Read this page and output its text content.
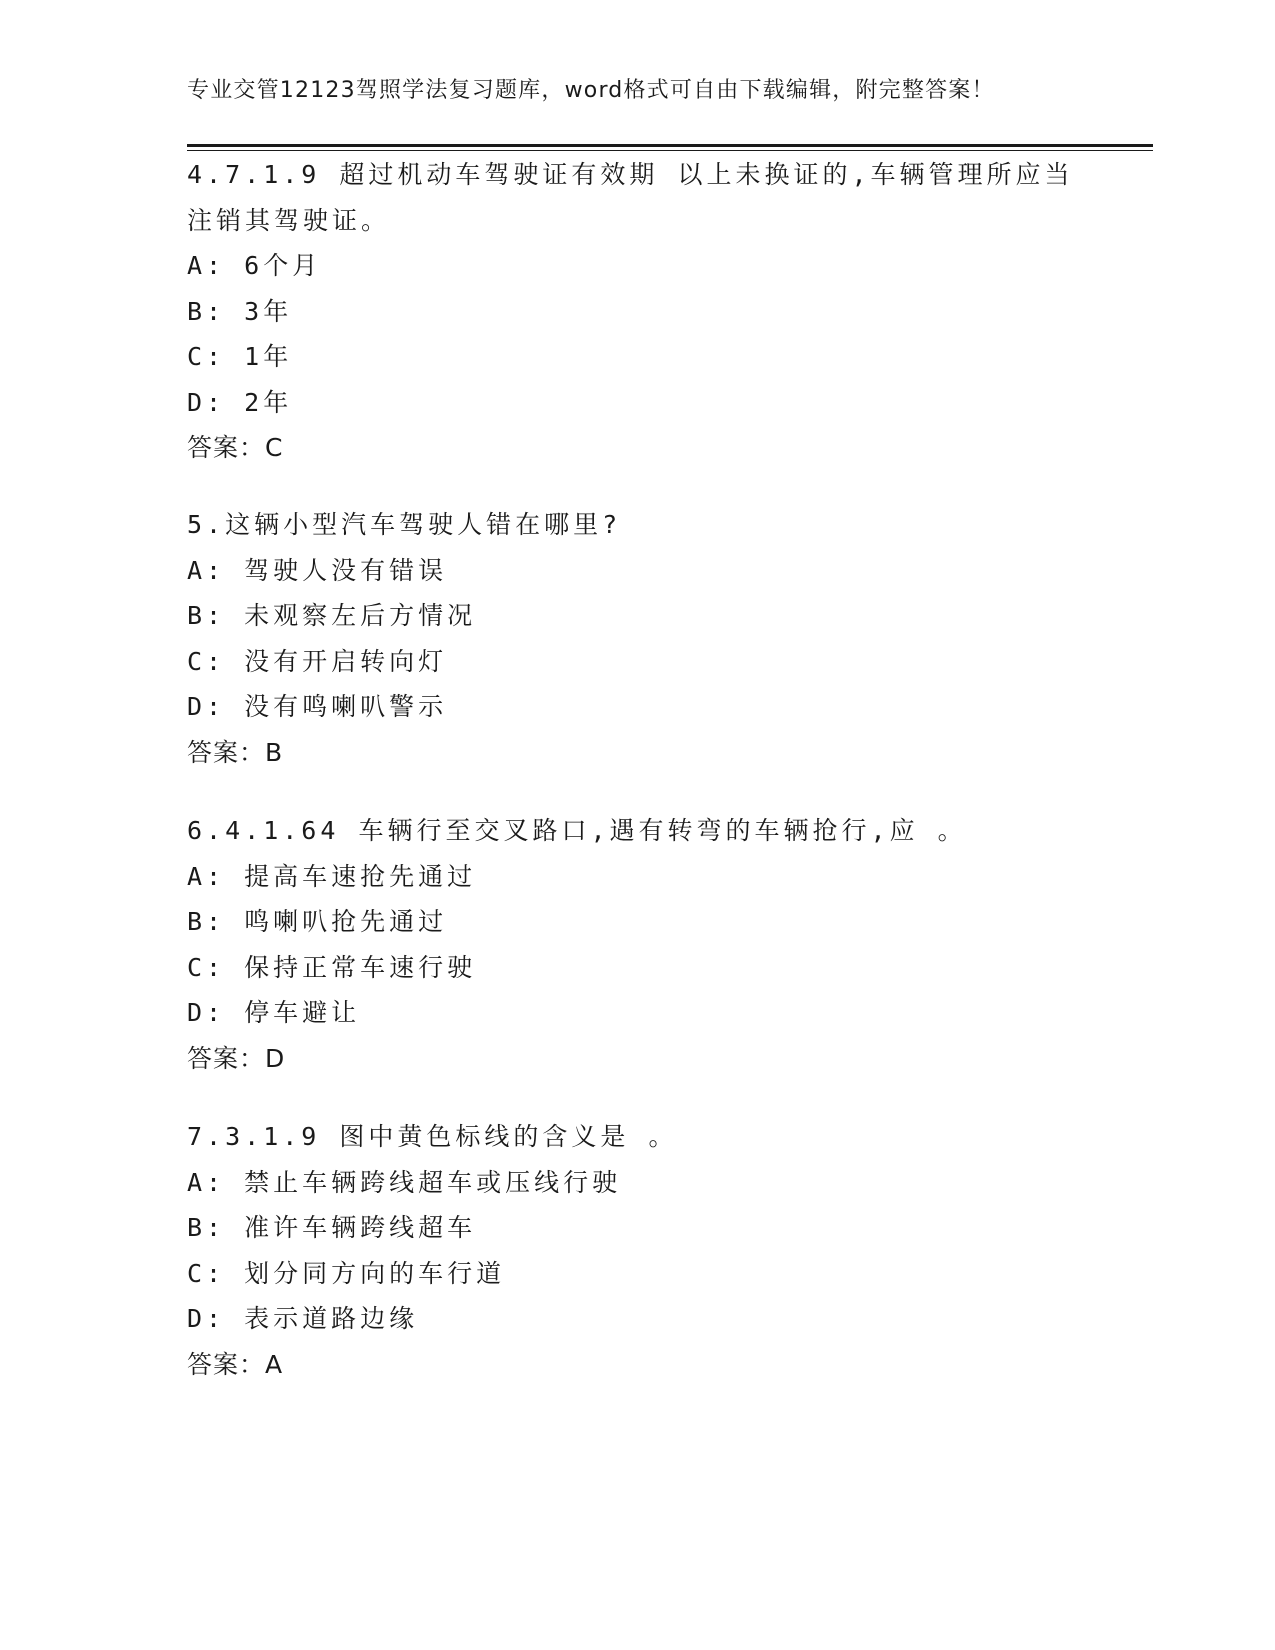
专业交管12123驾照学法复习题库，word格式可自由下载编辑，附完整答案！
4.7.1.9 超过机动车驾驶证有效期 以上未换证的,车辆管理所应当
注销其驾驶证。
A: 6个月
B: 3年
C: 1年
D: 2年
答案：C
5.这辆小型汽车驾驶人错在哪里?
A: 驾驶人没有错误
B: 未观察左后方情况
C: 没有开启转向灯
D: 没有鸣喇叭警示
答案：B
6.4.1.64 车辆行至交叉路口,遇有转弯的车辆抢行,应 。
A: 提高车速抢先通过
B: 鸣喇叭抢先通过
C: 保持正常车速行驶
D: 停车避让
答案：D
7.3.1.9 图中黄色标线的含义是 。
A: 禁止车辆跨线超车或压线行驶
B: 准许车辆跨线超车
C: 划分同方向的车行道
D: 表示道路边缘
答案：A
